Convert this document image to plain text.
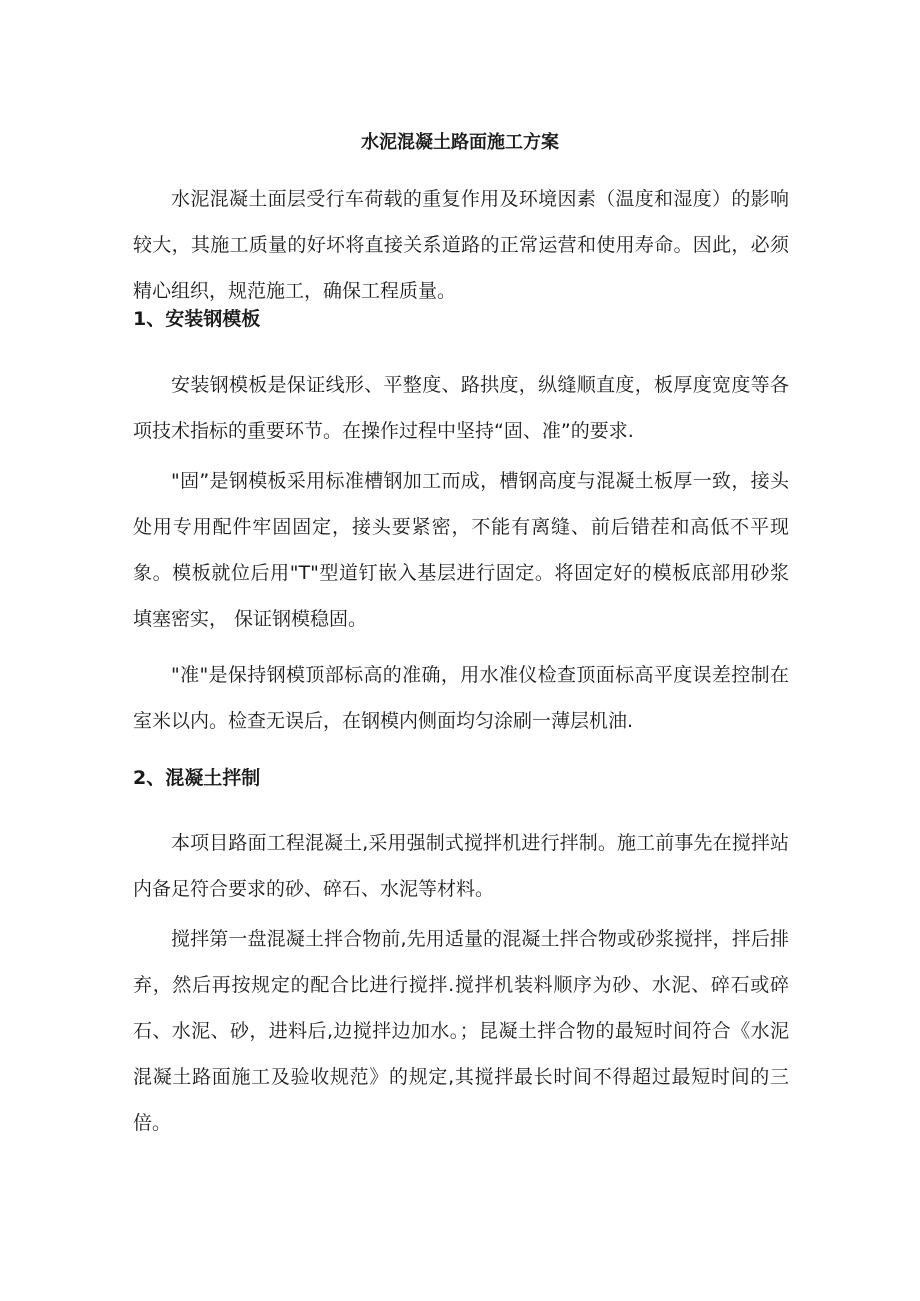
水泥混凝土路面施工方案

水泥混凝土面层受行车荷载的重复作用及环境因素（温度和湿度）的影响较大，其施工质量的好坏将直接关系道路的正常运营和使用寿命。因此，必须精心组织，规范施工，确保工程质量。

1、安装钢模板

安装钢模板是保证线形、平整度、路拱度，纵缝顺直度，板厚度宽度等各项技术指标的重要环节。在操作过程中坚持“固、准”的要求.

"固”是钢模板采用标准槽钢加工而成，槽钢高度与混凝土板厚一致，接头处用专用配件牢固固定，接头要紧密，不能有离缝、前后错茬和高低不平现象。模板就位后用"T"型道钉嵌入基层进行固定。将固定好的模板底部用砂浆填塞密实， 保证钢模稳固。

"准"是保持钢模顶部标高的准确，用水准仪检查顶面标高平度误差控制在室米以内。检查无误后，在钢模内侧面均匀涂刷一薄层机油.

2、混凝土拌制

本项目路面工程混凝土,采用强制式搅拌机进行拌制。施工前事先在搅拌站内备足符合要求的砂、碎石、水泥等材料。

搅拌第一盘混凝土拌合物前,先用适量的混凝土拌合物或砂浆搅拌，拌后排弃，然后再按规定的配合比进行搅拌.搅拌机装料顺序为砂、水泥、碎石或碎石、水泥、砂，进料后,边搅拌边加水。；昆凝土拌合物的最短时间符合《水泥混凝土路面施工及验收规范》的规定,其搅拌最长时间不得超过最短时间的三倍。
